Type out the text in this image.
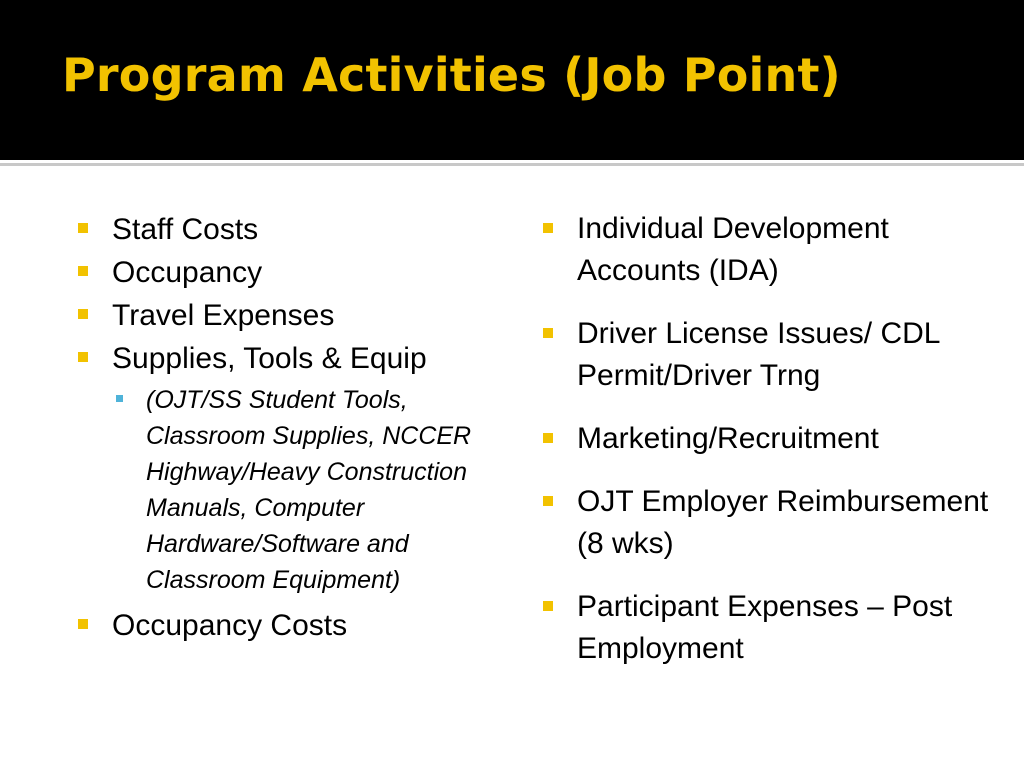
Program Activities (Job Point)
Staff Costs
Occupancy
Travel Expenses
Supplies, Tools & Equip
(OJT/SS Student Tools, Classroom Supplies, NCCER Highway/Heavy Construction Manuals, Computer Hardware/Software and Classroom Equipment)
Occupancy Costs
Individual Development Accounts (IDA)
Driver License Issues/ CDL Permit/Driver Trng
Marketing/Recruitment
OJT Employer Reimbursement (8 wks)
Participant Expenses – Post Employment
